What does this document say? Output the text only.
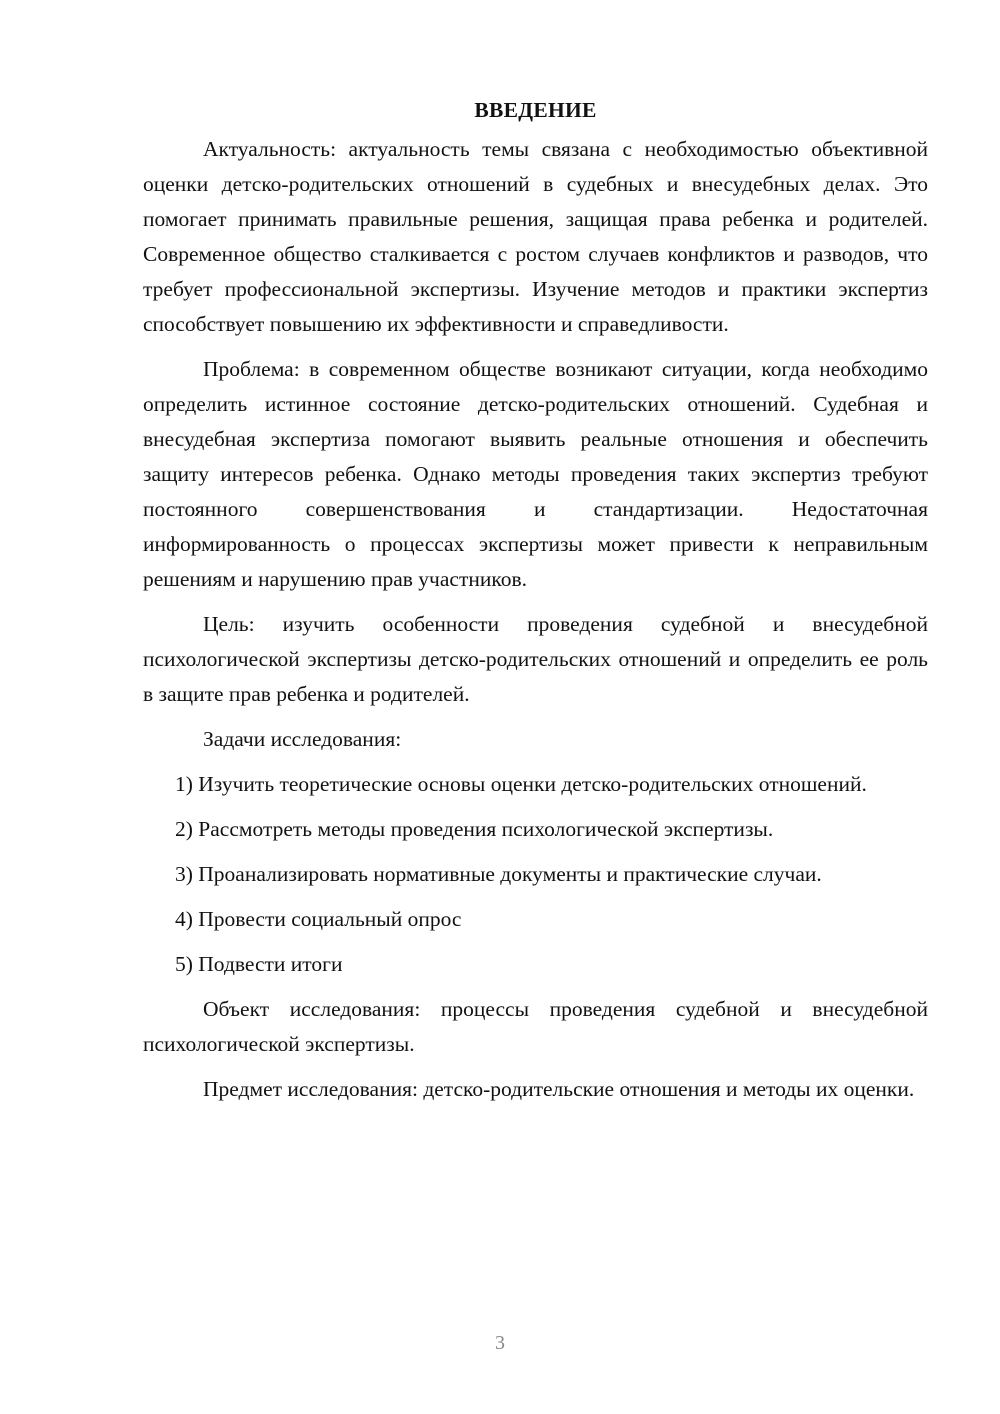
ВВЕДЕНИЕ

Актуальность: актуальность темы связана с необходимостью объективной оценки детско-родительских отношений в судебных и внесудебных делах. Это помогает принимать правильные решения, защищая права ребенка и родителей. Современное общество сталкивается с ростом случаев конфликтов и разводов, что требует профессиональной экспертизы. Изучение методов и практики экспертиз способствует повышению их эффективности и справедливости.

Проблема: в современном обществе возникают ситуации, когда необходимо определить истинное состояние детско-родительских отношений. Судебная и внесудебная экспертиза помогают выявить реальные отношения и обеспечить защиту интересов ребенка. Однако методы проведения таких экспертиз требуют постоянного совершенствования и стандартизации. Недостаточная информированность о процессах экспертизы может привести к неправильным решениям и нарушению прав участников.

Цель: изучить особенности проведения судебной и внесудебной психологической экспертизы детско-родительских отношений и определить ее роль в защите прав ребенка и родителей.

Задачи исследования:

1) Изучить теоретические основы оценки детско-родительских отношений.

2) Рассмотреть методы проведения психологической экспертизы.

3) Проанализировать нормативные документы и практические случаи.

4) Провести социальный опрос

5) Подвести итоги

Объект исследования: процессы проведения судебной и внесудебной психологической экспертизы.

Предмет исследования: детско-родительские отношения и методы их оценки.

3
